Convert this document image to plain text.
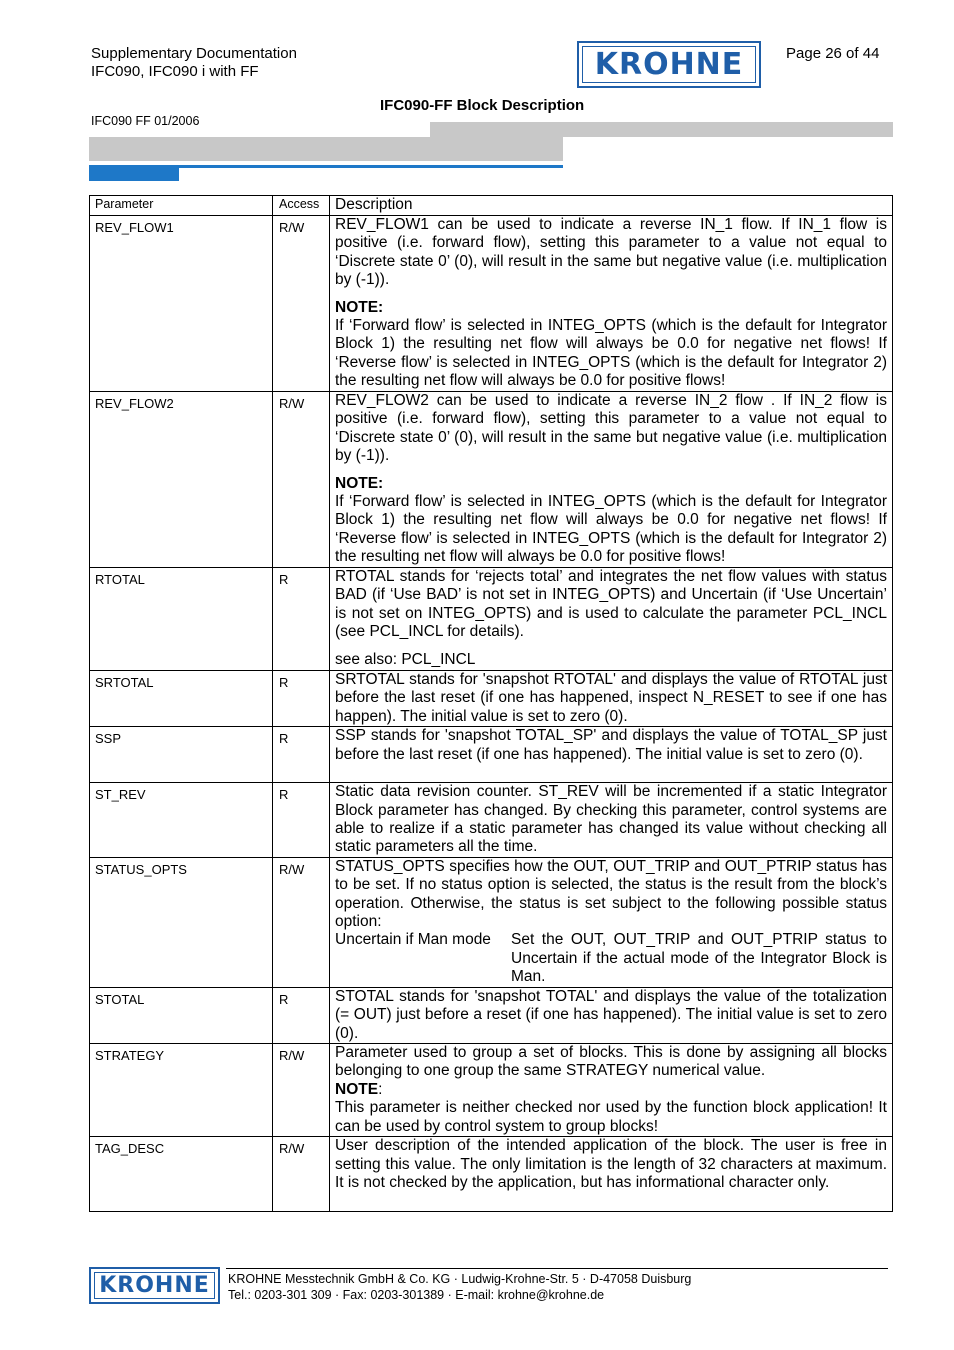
Supplementary Documentation
IFC090, IFC090 i with FF
IFC090 FF 01/2006
KROHNE	Page 26 of 44
IFC090-FF Block Description
Parameter	Access	Description
REV_FLOW1	R/W	REV_FLOW1 can be used to indicate a reverse IN_1 flow. If IN_1 flow is positive (i.e. forward flow), setting this parameter to a value not equal to ‘Discrete state 0’ (0), will result in the same but negative value (i.e. multiplication by (-1)).

NOTE:

If ‘Forward flow’ is selected in INTEG_OPTS (which is the default for Integrator Block 1) the resulting net flow will always be 0.0 for negative net flows! If ‘Reverse flow’ is selected in INTEG_OPTS (which is the default for Integrator 2) the resulting net flow will always be 0.0 for positive flows!

REV_FLOW2	R/W	REV_FLOW2 can be used to indicate a reverse IN_2 flow . If IN_2 flow is positive (i.e. forward flow), setting this parameter to a value not equal to ‘Discrete state 0’ (0), will result in the same but negative value (i.e. multiplication by (-1)).

NOTE:

If ‘Forward flow’ is selected in INTEG_OPTS (which is the default for Integrator Block 1) the resulting net flow will always be 0.0 for negative net flows! If ‘Reverse flow’ is selected in INTEG_OPTS (which is the default for Integrator 2) the resulting net flow will always be 0.0 for positive flows!

RTOTAL	R	RTOTAL stands for ‘rejects total’ and integrates the net flow values with status BAD (if ‘Use BAD’ is not set in INTEG_OPTS) and Uncertain (if ‘Use Uncertain’ is not set on INTEG_OPTS) and is used to calculate the parameter PCL_INCL (see PCL_INCL for details).

see also: PCL_INCL

SRTOTAL	R	SRTOTAL stands for 'snapshot RTOTAL' and displays the value of RTOTAL just before the last reset (if one has happened, inspect N_RESET to see if one has happen). The initial value is set to zero (0).

SSP	R	SSP stands for 'snapshot TOTAL_SP' and displays the value of TOTAL_SP just before the last reset (if one has happened). The initial value is set to zero (0).

ST_REV	R	Static data revision counter. ST_REV will be incremented if a static Integrator Block parameter has changed. By checking this parameter, control systems are able to realize if a static parameter has changed its value without checking all static parameters all the time.

STATUS_OPTS	R/W	STATUS_OPTS specifies how the OUT, OUT_TRIP and OUT_PTRIP status has to be set. If no status option is selected, the status is the result from the block’s operation. Otherwise, the status is set subject to the following possible status option:

Uncertain if Man mode Set the OUT, OUT_TRIP and OUT_PTRIP status to Uncertain if the actual mode of the Integrator Block is Man.

STOTAL	R	STOTAL stands for 'snapshot TOTAL' and displays the value of the totalization (= OUT) just before a reset (if one has happened). The initial value is set to zero (0).

STRATEGY	R/W	Parameter used to group a set of blocks. This is done by assigning all blocks belonging to one group the same STRATEGY numerical value.

NOTE:

This parameter is neither checked nor used by the function block application! It can be used by control system to group blocks!

TAG_DESC	R/W	User description of the intended application of the block. The user is free in setting this value. The only limitation is the length of 32 characters at maximum. It is not checked by the application, but has informational character only.

KROHNE	KROHNE Messtechnik GmbH & Co. KG · Ludwig-Krohne-Str. 5 · D-47058 Duisburg
Tel.: 0203-301 309 · Fax: 0203-301389 · E-mail: krohne@krohne.de
